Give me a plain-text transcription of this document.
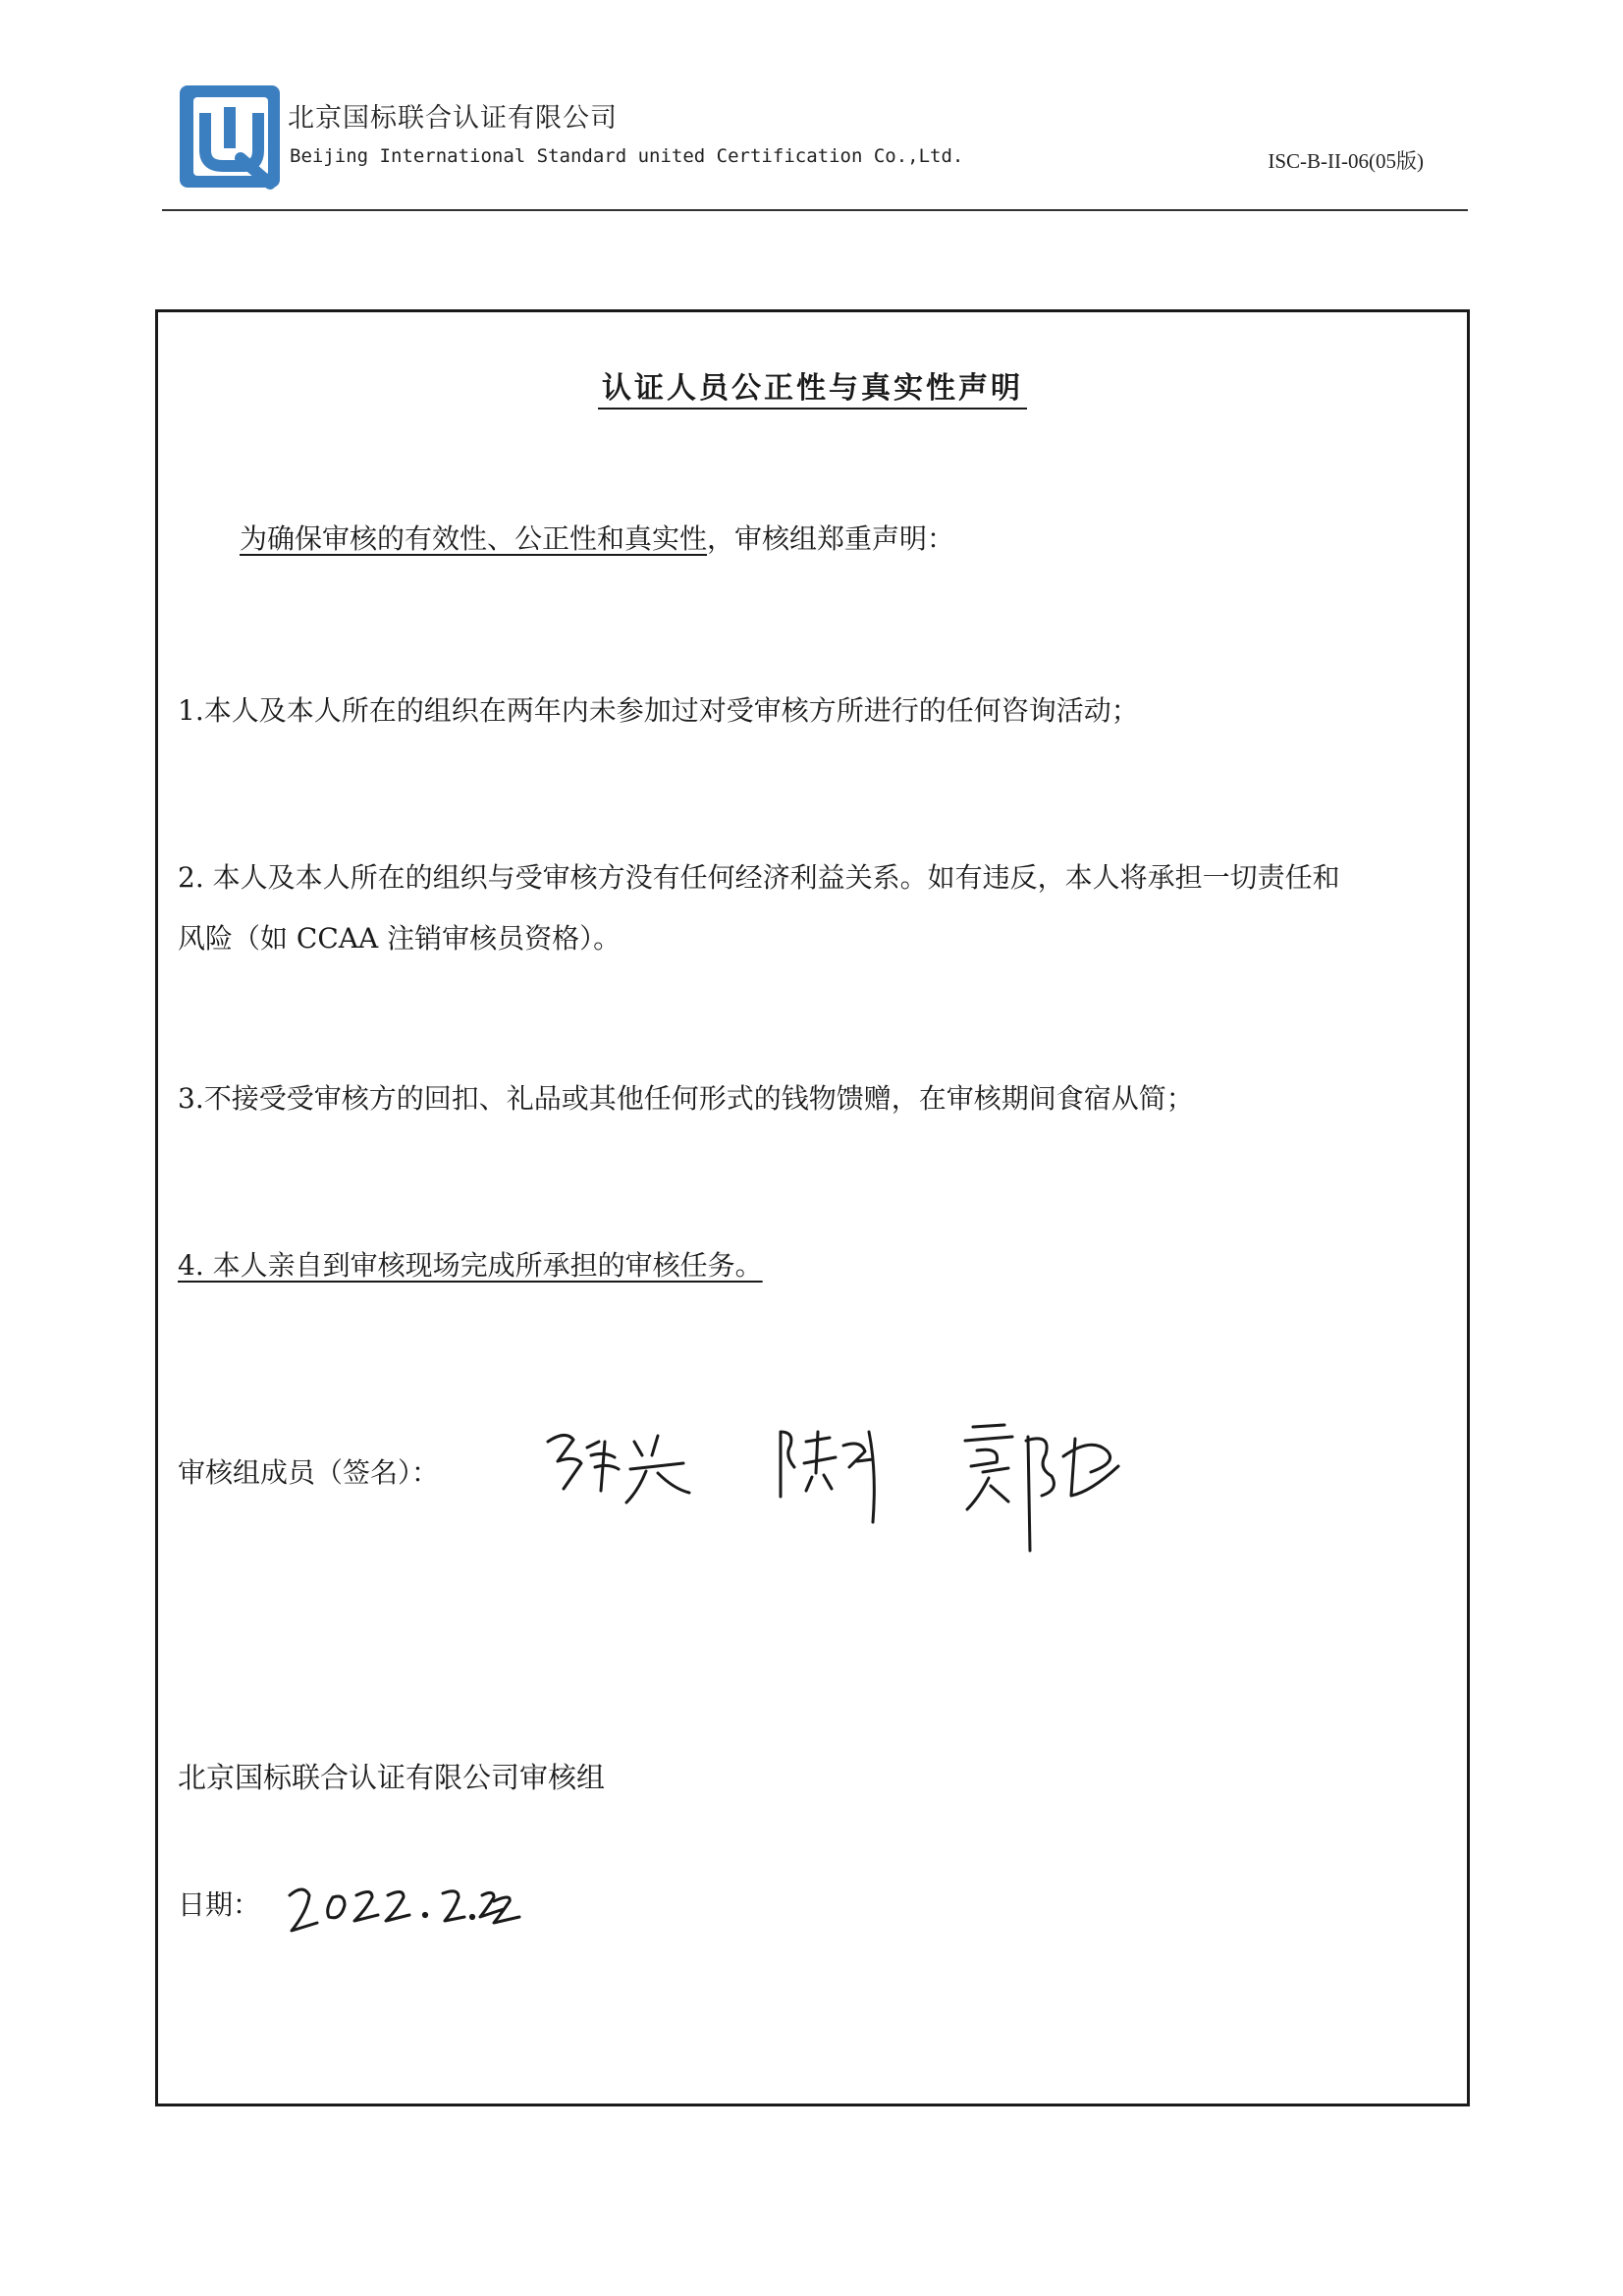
北京国标联合认证有限公司
Beijing International Standard united Certification Co.,Ltd.	ISC-B-II-06(05版)
认证人员公正性与真实性声明
为确保审核的有效性、公正性和真实性，审核组郑重声明：
1.本人及本人所在的组织在两年内未参加过对受审核方所进行的任何咨询活动；
2. 本人及本人所在的组织与受审核方没有任何经济利益关系。如有违反，本人将承担一切责任和
风险（如 CCAA 注销审核员资格）。
3.不接受受审核方的回扣、礼品或其他任何形式的钱物馈赠，在审核期间食宿从简；
4. 本人亲自到审核现场完成所承担的审核任务。
审核组成员（签名）：
北京国标联合认证有限公司审核组
日期：
